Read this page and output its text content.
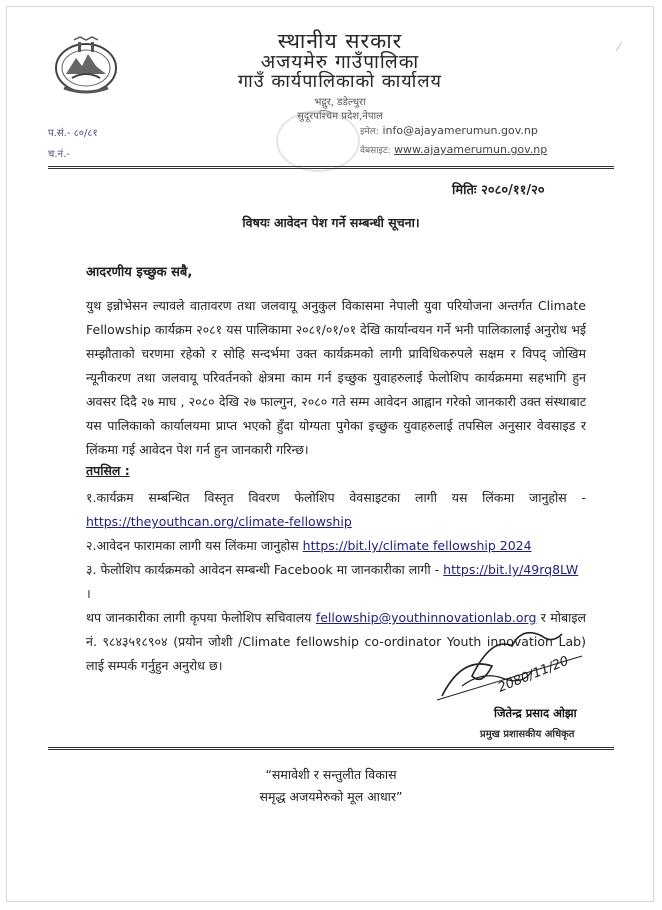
स्थानीय सरकार
अजयमेरु गाउँपालिका
गाउँ कार्यपालिकाको कार्यालय
भद्गुर, डडेल्धुरा
सुदूरपश्चिम प्रदेश,नेपाल
इमेल: info@ajayamerumun.gov.np
वेबसाइट: www.ajayamerumun.gov.np
प.सं.- ८०/८१
च.नं.-
⁄
मितिः २०८०/११/२०
विषयः आवेदन पेश गर्ने सम्बन्धी सूचना।
आदरणीय इच्छुक सबै,
युथ इन्नोभेसन ल्यावले वातावरण तथा जलवायू अनुकुल विकासमा नेपाली युवा परियोजना अन्तर्गत Climate Fellowship कार्यक्रम २०८१ यस पालिकामा २०८१/०१/०१ देखि कार्यान्वयन गर्ने भनी पालिकालाई अनुरोध भई सम्झौताको चरणमा रहेको र सोहि सन्दर्भमा उक्त कार्यक्रमको लागी प्राविधिकरुपले सक्षम र विपद् जोखिम न्यूनीकरण तथा जलवायू परिवर्तनको क्षेत्रमा काम गर्न इच्छुक युवाहरुलाई फेलोशिप कार्यक्रममा सहभागि हुन अवसर दिदै २७ माघ , २०८० देखि २७ फाल्गुन, २०८० गते सम्म आवेदन आह्वान गरेको जानकारी उक्त संस्थाबाट यस पालिकाको कार्यालयमा प्राप्त भएको हुँदा योग्यता पुगेका इच्छुक युवाहरुलाई तपसिल अनुसार वेवसाइड र लिंकमा गई आवेदन पेश गर्न हुन जानकारी गरिन्छ।
तपसिल :

१.कार्यक्रम सम्बन्धित विस्तृत विवरण फेलोशिप वेवसाइटका लागी यस लिंकमा जानुहोस -

https://theyouthcan.org/climate-fellowship

२.आवेदन फारामका लागी यस लिंकमा जानुहोस https://bit.ly/climate fellowship 2024

३. फेलोशिप कार्यक्रमको आवेदन सम्बन्धी Facebook मा जानकारीका लागी - https://bit.ly/49rq8LW ।

थप जानकारीका लागी कृपया फेलोशिप सचिवालय fellowship@youthinnovationlab.org र मोबाइल नं. ९८४३५१८९०४ (प्रयोन जोशी /Climate fellowship co-ordinator Youth innovation Lab) लाई सम्पर्क गर्नुहुन अनुरोध छ।	2080/11/20
जितेन्द्र प्रसाद ओझा
प्रमुख प्रशासकीय अधिकृत
“समावेशी र सन्तुलीत विकास
समृद्ध अजयमेरुको मूल आधार”
